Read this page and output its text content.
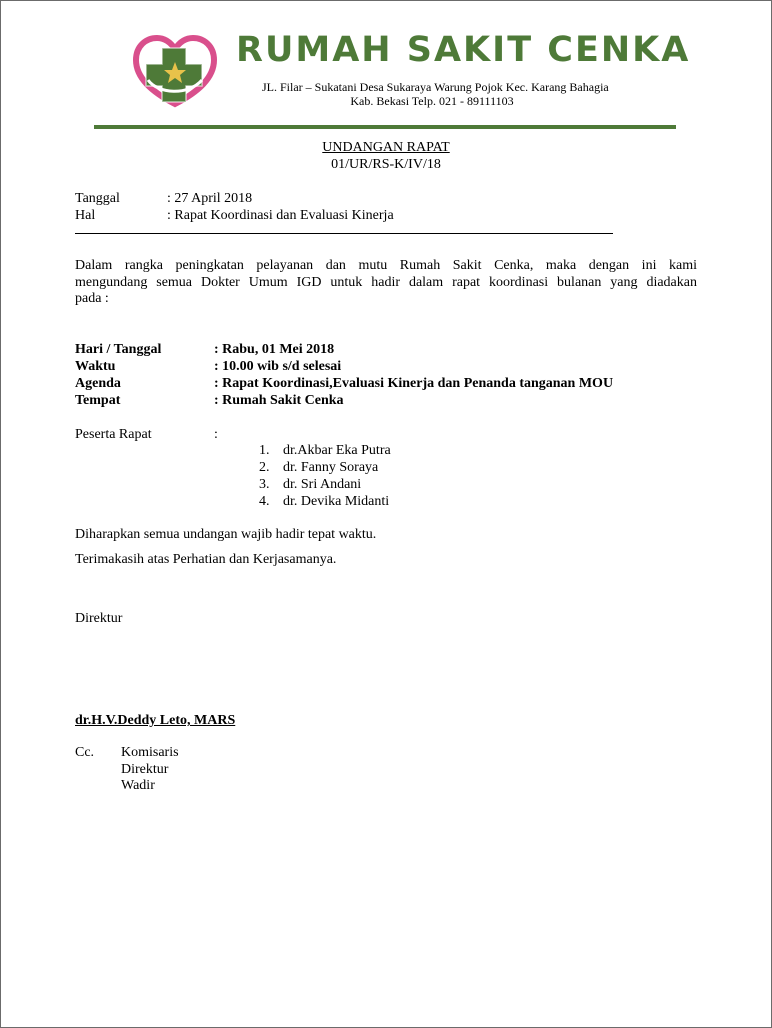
RUMAH SAKIT CENKA
JL. Filar – Sukatani Desa Sukaraya Warung Pojok Kec. Karang Bahagia
Kab. Bekasi Telp. 021 - 89111103
UNDANGAN RAPAT
01/UR/RS-K/IV/18
Tanggal	: 27 April 2018
Hal	: Rapat Koordinasi dan Evaluasi Kinerja
Dalam rangka peningkatan pelayanan dan mutu Rumah Sakit Cenka, maka dengan ini kami
mengundang semua Dokter Umum IGD untuk hadir dalam rapat koordinasi bulanan yang diadakan
pada :
Hari / Tanggal	: Rabu, 01 Mei 2018
Waktu	: 10.00 wib s/d selesai
Agenda	: Rapat Koordinasi,Evaluasi Kinerja dan Penanda tanganan MOU
Tempat	: Rumah Sakit Cenka
Peserta Rapat	:
1. dr.Akbar Eka Putra
2. dr. Fanny Soraya
3. dr. Sri Andani
4. dr. Devika Midanti
Diharapkan semua undangan wajib hadir tepat waktu.
Terimakasih atas Perhatian dan Kerjasamanya.
Direktur
dr.H.V.Deddy Leto, MARS
Cc. Komisaris
Direktur
Wadir
